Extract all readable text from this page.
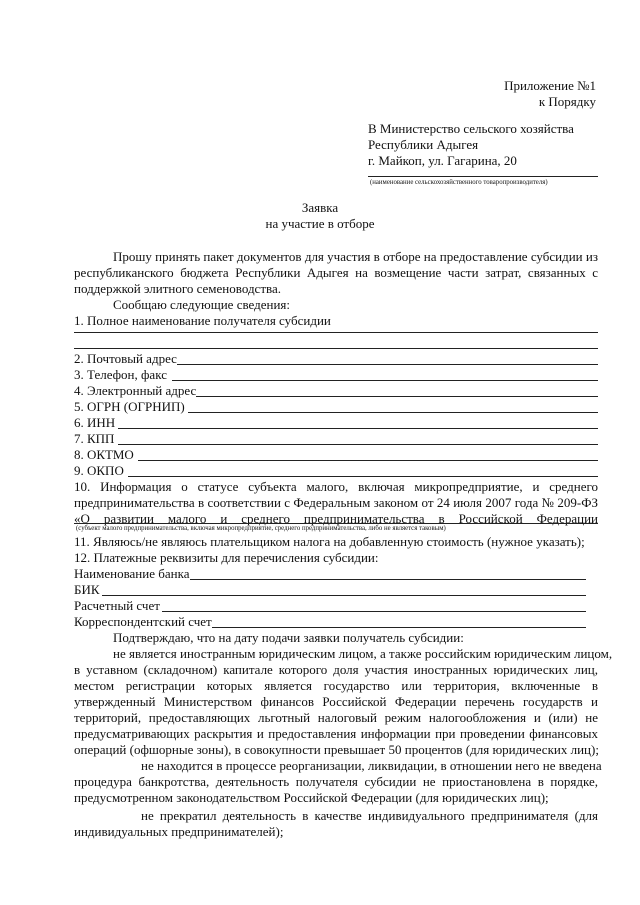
Приложение №1
к Порядку
В Министерство сельского хозяйства
Республики Адыгея
г. Майкоп, ул. Гагарина, 20
(наименование сельскохозяйственного товаропроизводителя)
Заявка
на участие в отборе
Прошу принять пакет документов для участия в отборе на предоставление субсидии из
республиканского бюджета Республики Адыгея на возмещение части затрат, связанных с
поддержкой элитного семеноводства.
Сообщаю следующие сведения:
1. Полное наименование получателя субсидии
2. Почтовый адрес
3. Телефон, факс
4. Электронный адрес
5. ОГРН (ОГРНИП)
6. ИНН
7. КПП
8. ОКТМО
9. ОКПО
10. Информация о статусе субъекта малого, включая микропредприятие, и среднего
предпринимательства в соответствии с Федеральным законом от 24 июля 2007 года № 209-ФЗ
«О развитии малого и среднего предпринимательства в Российской Федерации
(субъект малого предпринимательства, включая микропредприятие, среднего предпринимательства, либо не является таковым)
11. Являюсь/не являюсь плательщиком налога на добавленную стоимость (нужное указать);
12. Платежные реквизиты для перечисления субсидии:
Наименование банка
БИК
Расчетный счет
Корреспондентский счет
Подтверждаю, что на дату подачи заявки получатель субсидии:
не является иностранным юридическим лицом, а также российским юридическим лицом,
в уставном (складочном) капитале которого доля участия иностранных юридических лиц,
местом регистрации которых является государство или территория, включенные в
утвержденный Министерством финансов Российской Федерации перечень государств и
территорий, предоставляющих льготный налоговый режим налогообложения и (или) не
предусматривающих раскрытия и предоставления информации при проведении финансовых
операций (офшорные зоны), в совокупности превышает 50 процентов (для юридических лиц);
не находится в процессе реорганизации, ликвидации, в отношении него не введена
процедура банкротства, деятельность получателя субсидии не приостановлена в порядке,
предусмотренном законодательством Российской Федерации (для юридических лиц);
не прекратил деятельность в качестве индивидуального предпринимателя (для
индивидуальных предпринимателей);
